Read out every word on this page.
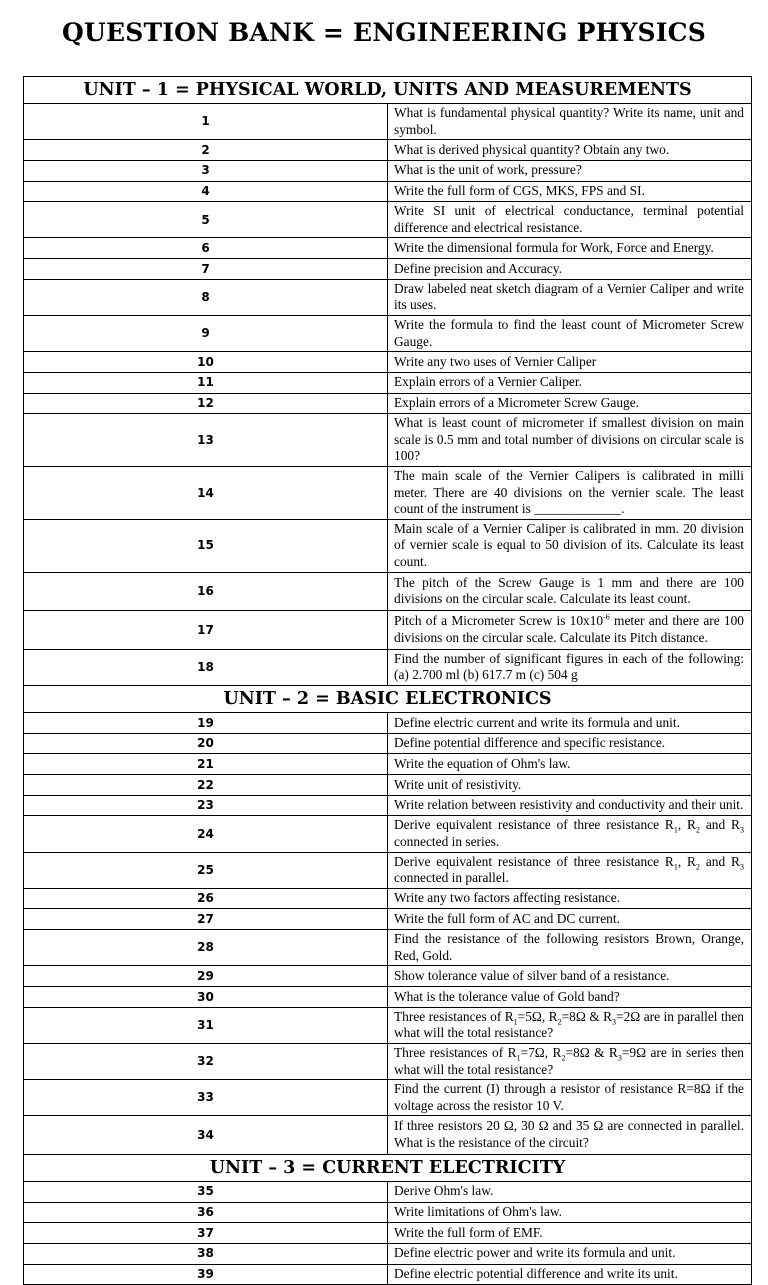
QUESTION BANK = ENGINEERING PHYSICS
UNIT – 1 = PHYSICAL WORLD, UNITS AND MEASUREMENTS	
1	What is fundamental physical quantity? Write its name, unit and symbol.
2	What is derived physical quantity? Obtain any two.
3	What is the unit of work, pressure?
4	Write the full form of CGS, MKS, FPS and SI.
5	Write SI unit of electrical conductance, terminal potential difference and electrical resistance.
6	Write the dimensional formula for Work, Force and Energy.
7	Define precision and Accuracy.
8	Draw labeled neat sketch diagram of a Vernier Caliper and write its uses.
9	Write the formula to find the least count of Micrometer Screw Gauge.
10	Write any two uses of Vernier Caliper
11	Explain errors of a Vernier Caliper.
12	Explain errors of a Micrometer Screw Gauge.
13	What is least count of micrometer if smallest division on main scale is 0.5 mm and total number of divisions on circular scale is 100?
14	The main scale of the Vernier Calipers is calibrated in milli meter. There are 40 divisions on the vernier scale. The least count of the instrument is _____________.
15	Main scale of a Vernier Caliper is calibrated in mm. 20 division of vernier scale is equal to 50 division of its. Calculate its least count.
16	The pitch of the Screw Gauge is 1 mm and there are 100 divisions on the circular scale. Calculate its least count.
17	Pitch of a Micrometer Screw is $10x10^{-6}$ meter and there are 100 divisions on the circular scale. Calculate its Pitch distance.
18	Find the number of significant figures in each of the following: (a) 2.700 ml (b) 617.7 m (c) 504 g
UNIT – 2 = BASIC ELECTRONICS	
19	Define electric current and write its formula and unit.
20	Define potential difference and specific resistance.
21	Write the equation of Ohm's law.
22	Write unit of resistivity.
23	Write relation between resistivity and conductivity and their unit.
24	Derive equivalent resistance of three resistance $R_1$, $R_2$ and $R_3$ connected in series.
25	Derive equivalent resistance of three resistance $R_1$, $R_2$ and $R_3$ connected in parallel.
26	Write any two factors affecting resistance.
27	Write the full form of AC and DC current.
28	Find the resistance of the following resistors Brown, Orange, Red, Gold.
29	Show tolerance value of silver band of a resistance.
30	What is the tolerance value of Gold band?
31	Three resistances of $R_1=5\Omega$, $R_2=8\Omega$ & $R_3=2\Omega$ are in parallel then what will the total resistance?
32	Three resistances of $R_1=7\Omega$, $R_2=8\Omega$ & $R_3=9\Omega$ are in series then what will the total resistance?
33	Find the current (I) through a resistor of resistance R=8Ω if the voltage across the resistor 10 V.
34	If three resistors 20 Ω, 30 Ω and 35 Ω are connected in parallel. What is the resistance of the circuit?
UNIT – 3 = CURRENT ELECTRICITY	
35	Derive Ohm's law.
36	Write limitations of Ohm's law.
37	Write the full form of EMF.
38	Define electric power and write its formula and unit.
39	Define electric potential difference and write its unit.
